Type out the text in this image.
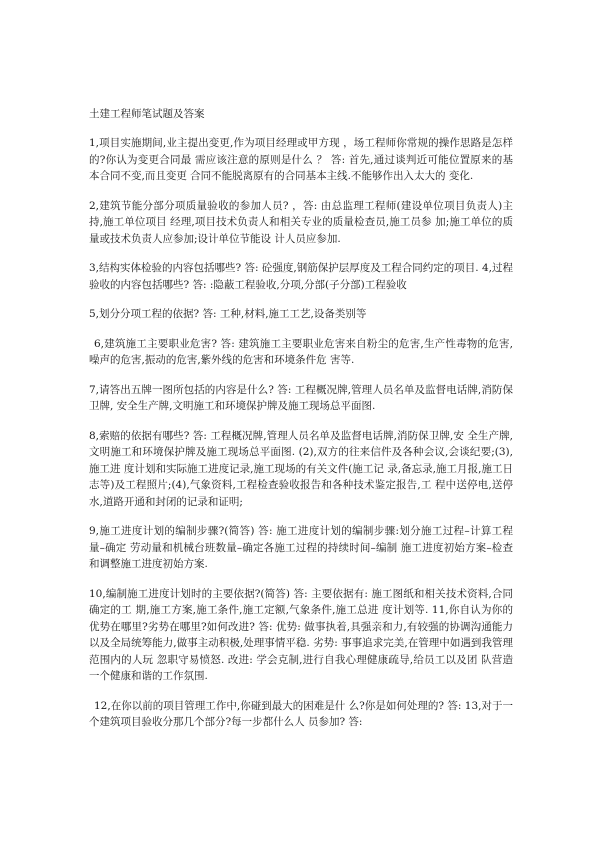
土建工程师笔试题及答案

1,项目实施期间,业主提出变更,作为项目经理或甲方现 ，场工程师你常规的操作思路是怎样的?你认为变更合同最 需应该注意的原则是什么 ？ 答: 首先,通过谈判近可能位置原来的基本合同不变,而且变更 合同不能脱离原有的合同基本主线.不能够作出入太大的 变化.

2,建筑节能分部分项质量验收的参加人员? ，答: 由总监理工程师(建设单位项目负责人)主持,施工单位项目 经理,项目技术负责人和相关专业的质量检查员,施工员参 加;施工单位的质量或技术负责人应参加;设计单位节能设 计人员应参加.

3,结构实体检验的内容包括哪些? 答: 砼强度,钢筋保护层厚度及工程合同约定的项目. 4,过程验收的内容包括哪些? 答: :隐蔽工程验收,分项,分部(子分部)工程验收

5,划分分项工程的依据? 答: 工种,材料,施工工艺,设备类别等

6,建筑施工主要职业危害? 答: 建筑施工主要职业危害来自粉尘的危害,生产性毒物的危害,噪声的危害,振动的危害,紫外线的危害和环境条件危 害等.

7,请答出五牌一图所包括的内容是什么? 答: 工程概况牌,管理人员名单及监督电话牌,消防保卫牌, 安全生产牌,文明施工和环境保护牌及施工现场总平面图.

8,索赔的依据有哪些? 答: 工程概况牌,管理人员名单及监督电话牌,消防保卫牌,安 全生产牌,文明施工和环境保护牌及施工现场总平面图. (2),双方的往来信件及各种会议,会谈纪要;(3),施工进 度计划和实际施工进度记录,施工现场的有关文件(施工记 录,备忘录,施工月报,施工日志等)及工程照片;(4),气象资料,工程检查验收报告和各种技术鉴定报告,工 程中送停电,送停水,道路开通和封闭的记录和证明;

9,施工进度计划的编制步骤?(简答) 答: 施工进度计划的编制步骤:划分施工过程–计算工程量–确定 劳动量和机械台班数量–确定各施工过程的持续时间–编制 施工进度初始方案–检查和调整施工进度初始方案.

10,编制施工进度计划时的主要依据?(简答) 答: 主要依据有: 施工图纸和相关技术资料,合同确定的工 期,施工方案,施工条件,施工定额,气象条件,施工总进 度计划等. 11,你自认为你的优势在哪里?劣势在哪里?如何改进? 答: 优势: 做事执着,具强亲和力,有较强的协调沟通能力 以及全局统筹能力,做事主动积极,处理事情平稳. 劣势: 事事追求完美,在管理中如遇到我管理范围内的人玩 忽职守易愤怒. 改进: 学会克制,进行自我心理健康疏导,给员工以及团 队营造一个健康和谐的工作氛围.

12,在你以前的项目管理工作中,你碰到最大的困难是什 么?你是如何处理的? 答: 13,对于一个建筑项目验收分那几个部分?每一步都什么人 员参加? 答:
